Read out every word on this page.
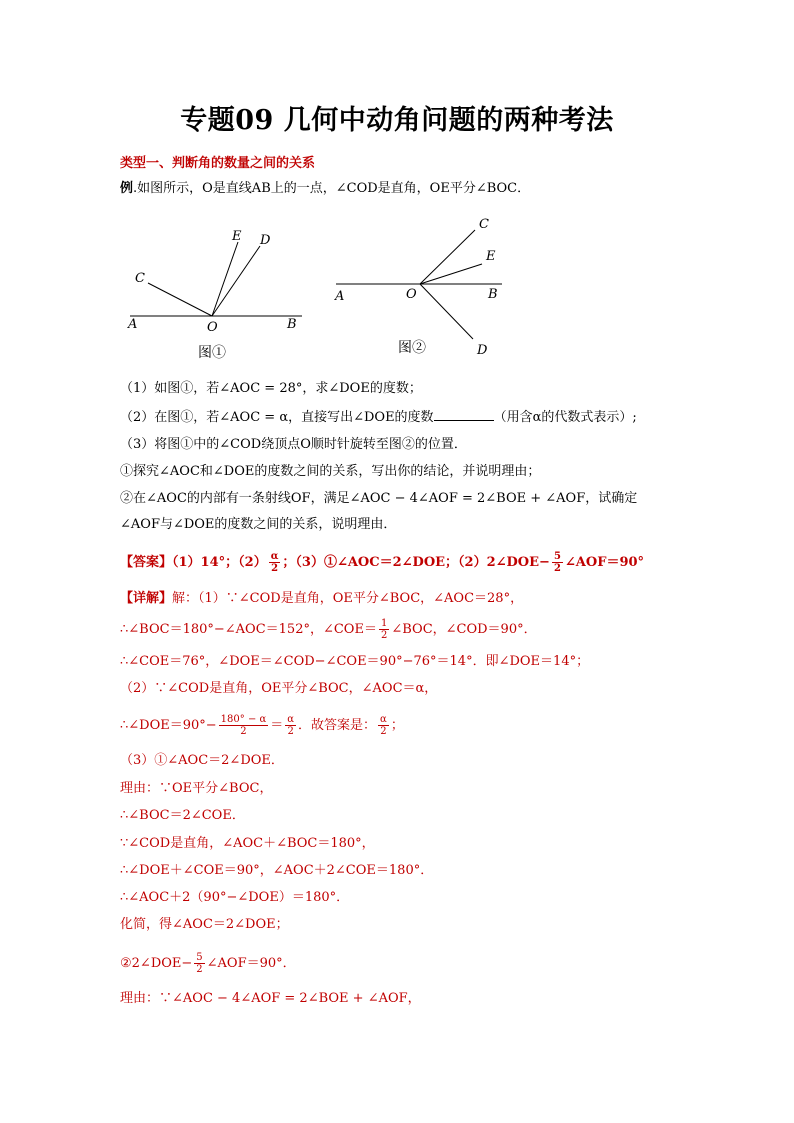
专题09 几何中动角问题的两种考法
类型一、判断角的数量之间的关系
例.如图所示，O是直线AB上的一点，∠COD是直角，OE平分∠BOC．
A	O	B
C
E D
图①
A	O	B
C
E
D
图②
（1）如图①，若∠AOC = 28°，求∠DOE的度数；
（2）在图①，若∠AOC = α，直接写出∠DOE的度数	（用含α的代数式表示）;
（3）将图①中的∠COD绕顶点O顺时针旋转至图②的位置．
①探究∠AOC和∠DOE的度数之间的关系，写出你的结论，并说明理由；
②在∠AOC的内部有一条射线OF，满足∠AOC − 4∠AOF = 2∠BOE + ∠AOF，试确定
∠AOF与∠DOE的度数之间的关系，说明理由．
【答案】（1）14°；$(2) \frac{\alpha}{2}$ ；（3）①∠AOC＝2∠DOE；（2）2∠DOE− $\frac{5}{2}$ ∠AOF＝90°
【详解】解：（1）∵∠COD是直角，OE平分∠BOC，∠AOC＝28°，
∴∠BOC＝180°−∠AOC＝152°，∠COE＝ $\frac{1}{2}$ ∠BOC，∠COD＝90°．
∴∠COE＝76°，∠DOE＝∠COD−∠COE＝90°−76°＝14°．即∠DOE＝14°；
（2）∵∠COD是直角，OE平分∠BOC，∠AOC＝α，
∴∠DOE＝90°− $\frac{180^\circ - \alpha}{2} = \frac{\alpha}{2}$ ．故答案是： $\frac{\alpha}{2}$ ；
（3）①∠AOC＝2∠DOE．
理由：∵OE平分∠BOC，
∴∠BOC＝2∠COE．
∵∠COD是直角，∠AOC＋∠BOC＝180°，
∴∠DOE＋∠COE＝90°，∠AOC＋2∠COE＝180°．
∴∠AOC＋2（90°−∠DOE）＝180°．
化简，得∠AOC＝2∠DOE；
②2∠DOE− $\frac{5}{2}$ ∠AOF＝90°．
理由：∵∠AOC − 4∠AOF = 2∠BOE + ∠AOF，
